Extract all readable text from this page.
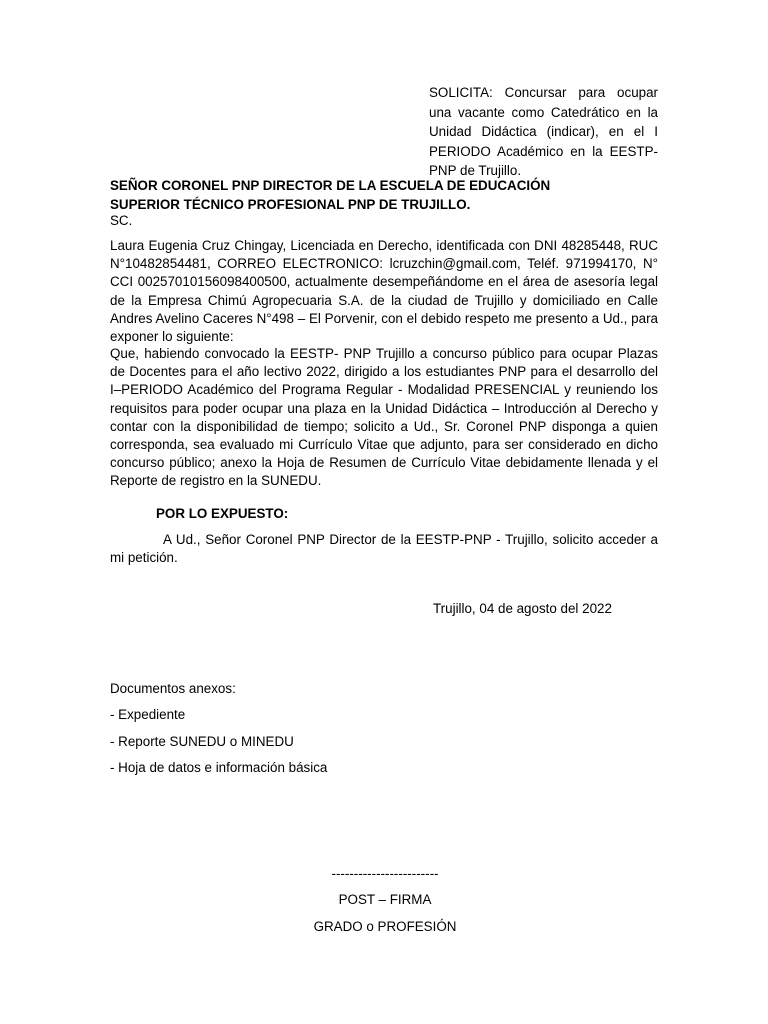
SOLICITA: Concursar para ocupar una vacante como Catedrático en la Unidad Didáctica (indicar), en el I PERIODO Académico en la EESTP-PNP de Trujillo.
SEÑOR CORONEL PNP DIRECTOR DE LA ESCUELA DE EDUCACIÓN
SUPERIOR TÉCNICO PROFESIONAL PNP DE TRUJILLO.
SC.
Laura Eugenia Cruz Chingay, Licenciada en Derecho, identificada con DNI 48285448, RUC N°10482854481, CORREO ELECTRONICO: lcruzchin@gmail.com, Teléf. 971994170, N° CCI 00257010156098400500, actualmente desempeñándome en el área de asesoría legal de la Empresa Chimú Agropecuaria S.A. de la ciudad de Trujillo y domiciliado en Calle Andres Avelino Caceres N°498 – El Porvenir, con el debido respeto me presento a Ud., para exponer lo siguiente:
Que, habiendo convocado la EESTP- PNP Trujillo a concurso público para ocupar Plazas de Docentes para el año lectivo 2022, dirigido a los estudiantes PNP para el desarrollo del I–PERIODO Académico del Programa Regular - Modalidad PRESENCIAL y reuniendo los requisitos para poder ocupar una plaza en la Unidad Didáctica – Introducción al Derecho y contar con la disponibilidad de tiempo; solicito a Ud., Sr. Coronel PNP disponga a quien corresponda, sea evaluado mi Currículo Vitae que adjunto, para ser considerado en dicho concurso público; anexo la Hoja de Resumen de Currículo Vitae debidamente llenada y el Reporte de registro en la SUNEDU.
POR LO EXPUESTO:
A Ud., Señor Coronel PNP Director de la EESTP-PNP - Trujillo, solicito acceder a mi petición.
Trujillo, 04 de agosto del 2022
Documentos anexos:
- Expediente
- Reporte SUNEDU o MINEDU
- Hoja de datos e información básica
------------------------
POST – FIRMA
GRADO o PROFESIÓN
